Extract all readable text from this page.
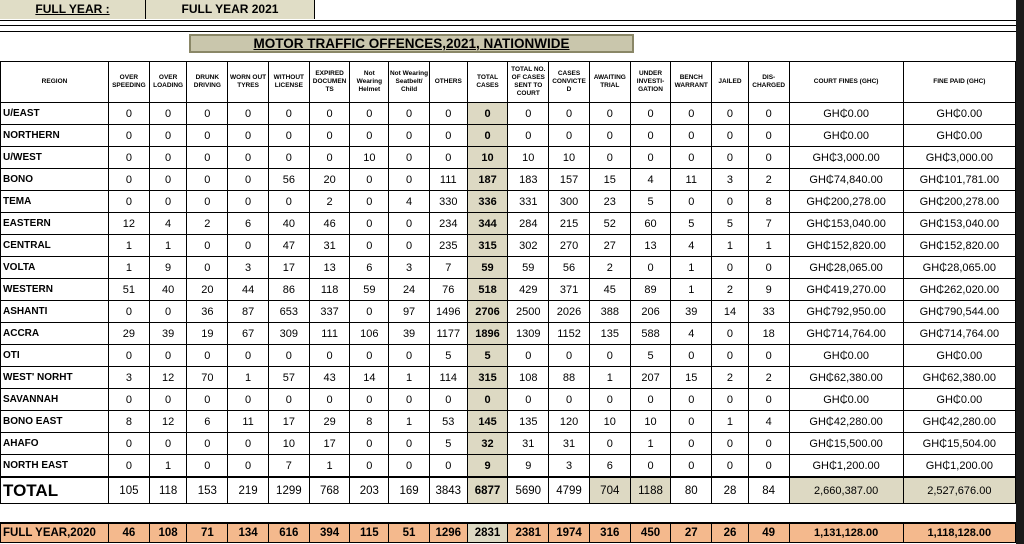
FULL YEAR :	FULL YEAR 2021
MOTOR TRAFFIC OFFENCES,2021, NATIONWIDE
REGION	OVER SPEEDING	OVER LOADING	DRUNK DRIVING	WORN OUT TYRES	WITHOUT LICENSE	EXPIRED DOCUMEN TS	Not Wearing Helmet	Not Wearing Seatbelt/ Child	OTHERS	TOTAL CASES	TOTAL NO. OF CASES SENT TO COURT	CASES CONVICTE D	AWAITING TRIAL	UNDER INVESTI- GATION	BENCH WARRANT	JAILED	DIS- CHARGED	COURT FINES (GHC)	FINE PAID (GHC)
U/EAST	0	0	0	0	0	0	0	0	0	0	0	0	0	0	0	0	0	GH₵0.00	GH₵0.00
NORTHERN	0	0	0	0	0	0	0	0	0	0	0	0	0	0	0	0	0	GH₵0.00	GH₵0.00
U/WEST	0	0	0	0	0	0	10	0	0	10	10	10	0	0	0	0	0	GH₵3,000.00	GH₵3,000.00
BONO	0	0	0	0	56	20	0	0	111	187	183	157	15	4	11	3	2	GH₵74,840.00	GH₵101,781.00
TEMA	0	0	0	0	0	2	0	4	330	336	331	300	23	5	0	0	8	GH₵200,278.00	GH₵200,278.00
EASTERN	12	4	2	6	40	46	0	0	234	344	284	215	52	60	5	5	7	GH₵153,040.00	GH₵153,040.00
CENTRAL	1	1	0	0	47	31	0	0	235	315	302	270	27	13	4	1	1	GH₵152,820.00	GH₵152,820.00
VOLTA	1	9	0	3	17	13	6	3	7	59	59	56	2	0	1	0	0	GH₵28,065.00	GH₵28,065.00
WESTERN	51	40	20	44	86	118	59	24	76	518	429	371	45	89	1	2	9	GH₵419,270.00	GH₵262,020.00
ASHANTI	0	0	36	87	653	337	0	97	1496	2706	2500	2026	388	206	39	14	33	GH₵792,950.00	GH₵790,544.00
ACCRA	29	39	19	67	309	111	106	39	1177	1896	1309	1152	135	588	4	0	18	GH₵714,764.00	GH₵714,764.00
OTI	0	0	0	0	0	0	0	0	5	5	0	0	0	5	0	0	0	GH₵0.00	GH₵0.00
WEST' NORHT	3	12	70	1	57	43	14	1	114	315	108	88	1	207	15	2	2	GH₵62,380.00	GH₵62,380.00
SAVANNAH	0	0	0	0	0	0	0	0	0	0	0	0	0	0	0	0	0	GH₵0.00	GH₵0.00
BONO EAST	8	12	6	11	17	29	8	1	53	145	135	120	10	10	0	1	4	GH₵42,280.00	GH₵42,280.00
AHAFO	0	0	0	0	10	17	0	0	5	32	31	31	0	1	0	0	0	GH₵15,500.00	GH₵15,504.00
NORTH EAST	0	1	0	0	7	1	0	0	0	9	9	3	6	0	0	0	0	GH₵1,200.00	GH₵1,200.00
TOTAL	105	118	153	219	1299	768	203	169	3843	6877	5690	4799	704	1188	80	28	84	2,660,387.00	2,527,676.00

FULL YEAR,2020	46	108	71	134	616	394	115	51	1296	2831	2381	1974	316	450	27	26	49	1,131,128.00	1,118,128.00
